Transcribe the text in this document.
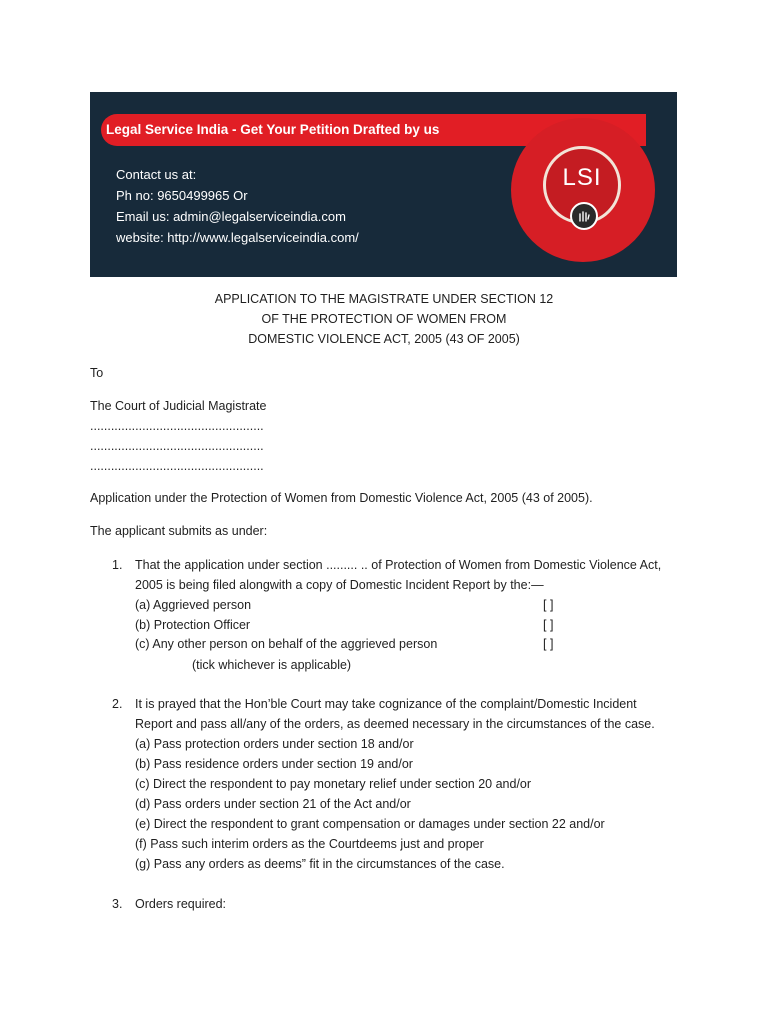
Legal Service India - Get Your Petition Drafted by us
Contact us at:
Ph no: 9650499965 Or
Email us: admin@legalserviceindia.com
website: http://www.legalserviceindia.com/
LSI
APPLICATION TO THE MAGISTRATE UNDER SECTION 12
OF THE PROTECTION OF WOMEN FROM
DOMESTIC VIOLENCE ACT, 2005 (43 OF 2005)
To
The Court of Judicial Magistrate
..................................................
..................................................
..................................................
Application under the Protection of Women from Domestic Violence Act, 2005 (43 of 2005).
The applicant submits as under:
1. That the application under section ......... .. of Protection of Women from Domestic Violence Act,
2005 is being filed alongwith a copy of Domestic Incident Report by the:—
(a) Aggrieved person	[ ]
(b) Protection Officer	[ ]
(c) Any other person on behalf of the aggrieved person	[ ]
(tick whichever is applicable)
2. It is prayed that the Hon’ble Court may take cognizance of the complaint/Domestic Incident
Report and pass all/any of the orders, as deemed necessary in the circumstances of the case.
(a) Pass protection orders under section 18 and/or
(b) Pass residence orders under section 19 and/or
(c) Direct the respondent to pay monetary relief under section 20 and/or
(d) Pass orders under section 21 of the Act and/or
(e) Direct the respondent to grant compensation or damages under section 22 and/or
(f) Pass such interim orders as the Courtdeems just and proper
(g) Pass any orders as deems” fit in the circumstances of the case.
3. Orders required:
